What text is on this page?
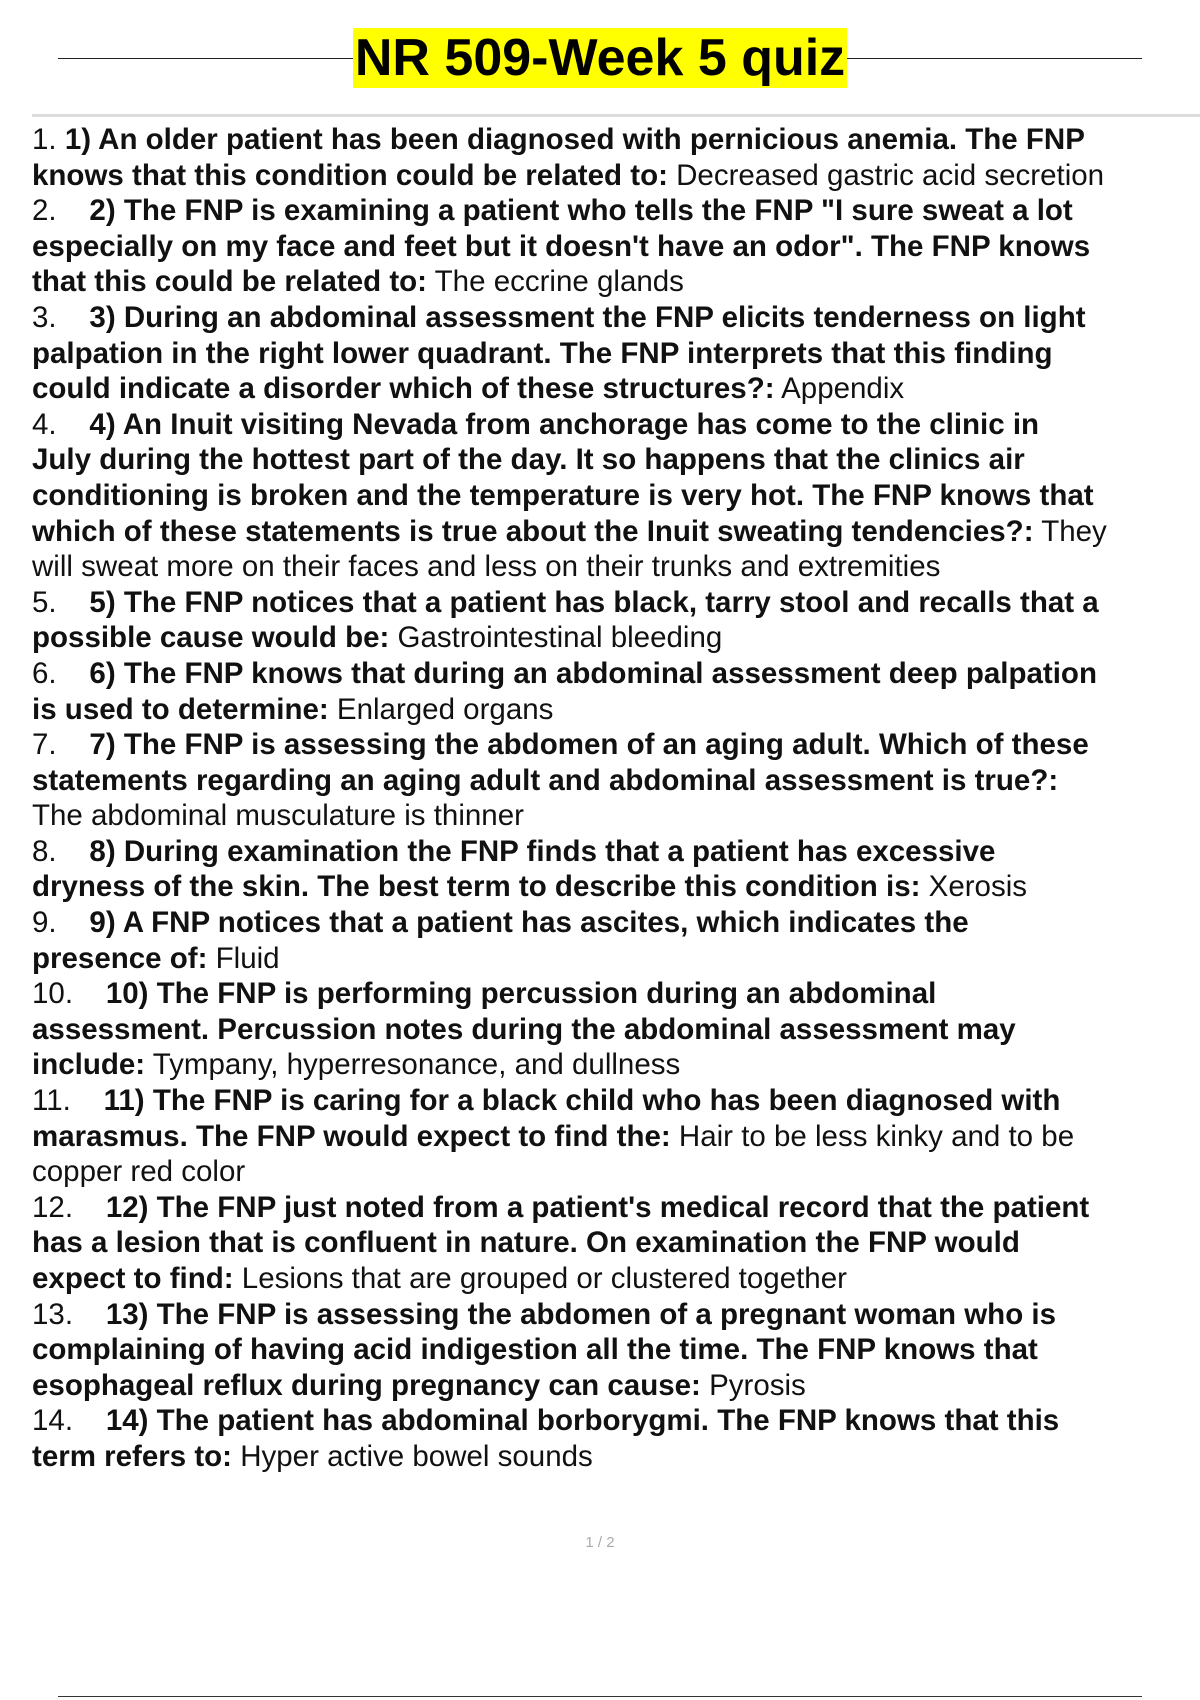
NR 509-Week 5 quiz

1. 1) An older patient has been diagnosed with pernicious anemia. The FNP

knows that this condition could be related to: Decreased gastric acid secretion

2. 2) The FNP is examining a patient who tells the FNP "I sure sweat a lot

especially on my face and feet but it doesn't have an odor". The FNP knows

that this could be related to: The eccrine glands

3. 3) During an abdominal assessment the FNP elicits tenderness on light

palpation in the right lower quadrant. The FNP interprets that this finding

could indicate a disorder which of these structures?: Appendix

4. 4) An Inuit visiting Nevada from anchorage has come to the clinic in

July during the hottest part of the day. It so happens that the clinics air

conditioning is broken and the temperature is very hot. The FNP knows that

which of these statements is true about the Inuit sweating tendencies?: They

will sweat more on their faces and less on their trunks and extremities

5. 5) The FNP notices that a patient has black, tarry stool and recalls that a

possible cause would be: Gastrointestinal bleeding

6. 6) The FNP knows that during an abdominal assessment deep palpation

is used to determine: Enlarged organs

7. 7) The FNP is assessing the abdomen of an aging adult. Which of these

statements regarding an aging adult and abdominal assessment is true?:

The abdominal musculature is thinner

8. 8) During examination the FNP finds that a patient has excessive

dryness of the skin. The best term to describe this condition is: Xerosis

9. 9) A FNP notices that a patient has ascites, which indicates the

presence of: Fluid

10. 10) The FNP is performing percussion during an abdominal

assessment. Percussion notes during the abdominal assessment may

include: Tympany, hyperresonance, and dullness

11. 11) The FNP is caring for a black child who has been diagnosed with

marasmus. The FNP would expect to find the: Hair to be less kinky and to be

copper red color

12. 12) The FNP just noted from a patient's medical record that the patient

has a lesion that is confluent in nature. On examination the FNP would

expect to find: Lesions that are grouped or clustered together

13. 13) The FNP is assessing the abdomen of a pregnant woman who is

complaining of having acid indigestion all the time. The FNP knows that

esophageal reflux during pregnancy can cause: Pyrosis

14. 14) The patient has abdominal borborygmi. The FNP knows that this

term refers to: Hyper active bowel sounds

1 / 2
